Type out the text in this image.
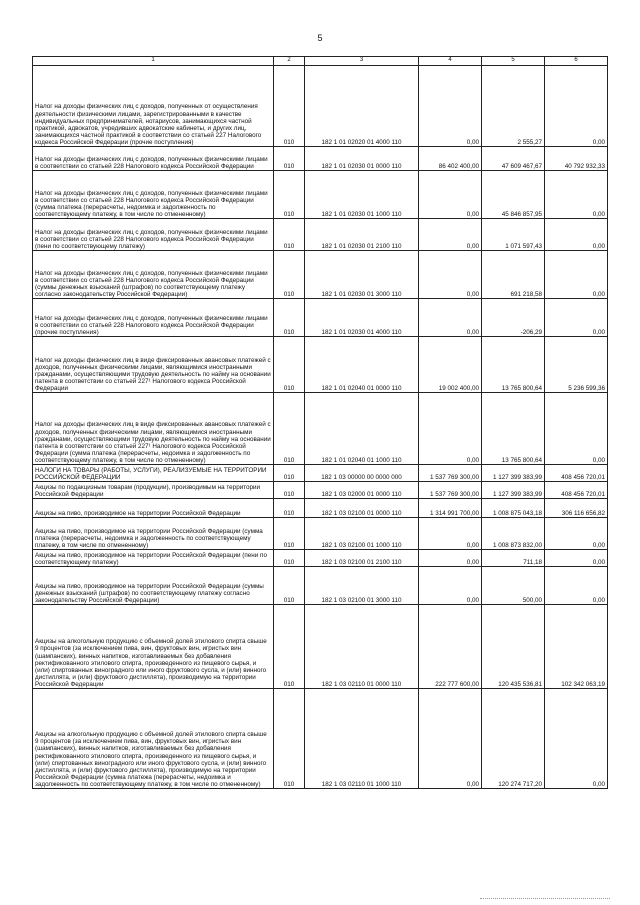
5
1	2	3	4	5	6
Налог на доходы физических лиц с доходов, полученных от осуществления деятельности физическими лицами, зарегистрированными в качестве индивидуальных предпринимателей, нотариусов, занимающихся частной практикой, адвокатов, учредивших адвокатские кабинеты, и других лиц, занимающихся частной практикой в соответствии со статьей 227 Налогового кодекса Российской Федерации (прочие поступления)	010	182 1 01 02020 01 4000 110	0,00	2 555,27	0,00
Налог на доходы физических лиц с доходов, полученных физическими лицами в соответствии со статьей 228 Налогового кодекса Российской Федерации	010	182 1 01 02030 01 0000 110	86 402 400,00	47 609 467,67	40 792 932,33
Налог на доходы физических лиц с доходов, полученных физическими лицами в соответствии со статьей 228 Налогового кодекса Российской Федерации (сумма платежа (перерасчеты, недоимка и задолженность по соответствующему платежу, в том числе по отмененному)	010	182 1 01 02030 01 1000 110	0,00	45 846 857,95	0,00
Налог на доходы физических лиц с доходов, полученных физическими лицами в соответствии со статьей 228 Налогового кодекса Российской Федерации (пени по соответствующему платежу)	010	182 1 01 02030 01 2100 110	0,00	1 071 597,43	0,00
Налог на доходы физических лиц с доходов, полученных физическими лицами в соответствии со статьей 228 Налогового кодекса Российской Федерации (суммы денежных взысканий (штрафов) по соответствующему платежу согласно законодательству Российской Федерации)	010	182 1 01 02030 01 3000 110	0,00	691 218,58	0,00
Налог на доходы физических лиц с доходов, полученных физическими лицами в соответствии со статьей 228 Налогового кодекса Российской Федерации (прочие поступления)	010	182 1 01 02030 01 4000 110	0,00	-206,29	0,00
Налог на доходы физических лиц в виде фиксированных авансовых платежей с доходов, полученных физическими лицами, являющимися иностранными гражданами, осуществляющими трудовую деятельность по найму на основании патента в соответствии со статьей 227¹ Налогового кодекса Российской Федерации	010	182 1 01 02040 01 0000 110	19 002 400,00	13 765 800,64	5 236 599,36
Налог на доходы физических лиц в виде фиксированных авансовых платежей с доходов, полученных физическими лицами, являющимися иностранными гражданами, осуществляющими трудовую деятельность по найму на основании патента в соответствии со статьей 227¹ Налогового кодекса Российской Федерации (сумма платежа (перерасчеты, недоимка и задолженность по соответствующему платежу, в том числе по отмененному)	010	182 1 01 02040 01 1000 110	0,00	13 765 800,64	0,00
НАЛОГИ НА ТОВАРЫ (РАБОТЫ, УСЛУГИ), РЕАЛИЗУЕМЫЕ НА ТЕРРИТОРИИ РОССИЙСКОЙ ФЕДЕРАЦИИ	010	182 1 03 00000 00 0000 000	1 537 769 300,00	1 127 399 383,99	408 456 720,01
Акцизы по подакцизным товарам (продукции), производимым на территории Российской Федерации	010	182 1 03 02000 01 0000 110	1 537 769 300,00	1 127 399 383,99	408 456 720,01
Акцизы на пиво, производимое на территории Российской Федерации	010	182 1 03 02100 01 0000 110	1 314 991 700,00	1 008 875 043,18	306 116 656,82
Акцизы на пиво, производимое на территории Российской Федерации (сумма платежа (перерасчеты, недоимка и задолженность по соответствующему платежу, в том числе по отмененному)	010	182 1 03 02100 01 1000 110	0,00	1 008 873 832,00	0,00
Акцизы на пиво, производимое на территории Российской Федерации (пени по соответствующему платежу)	010	182 1 03 02100 01 2100 110	0,00	711,18	0,00
Акцизы на пиво, производимое на территории Российской Федерации (суммы денежных взысканий (штрафов) по соответствующему платежу согласно законодательству Российской Федерации)	010	182 1 03 02100 01 3000 110	0,00	500,00	0,00
Акцизы на алкогольную продукцию с объемной долей этилового спирта свыше 9 процентов (за исключением пива, вин, фруктовых вин, игристых вин (шампанских), винных напитков, изготавливаемых без добавления ректификованного этилового спирта, произведенного из пищевого сырья, и (или) спиртованных виноградного или иного фруктового сусла, и (или) винного дистиллята, и (или) фруктового дистиллята), производимую на территории Российской Федерации	010	182 1 03 02110 01 0000 110	222 777 600,00	120 435 536,81	102 342 063,19
Акцизы на алкогольную продукцию с объемной долей этилового спирта свыше 9 процентов (за исключением пива, вин, фруктовых вин, игристых вин (шампанских), винных напитков, изготавливаемых без добавления ректификованного этилового спирта, произведенного из пищевого сырья, и (или) спиртованных виноградного или иного фруктового сусла, и (или) винного дистиллята, и (или) фруктового дистиллята), производимую на территории Российской Федерации (сумма платежа (перерасчеты, недоимка и задолженность по соответствующему платежу, в том числе по отмененному)	010	182 1 03 02110 01 1000 110	0,00	120 274 717,20	0,00
